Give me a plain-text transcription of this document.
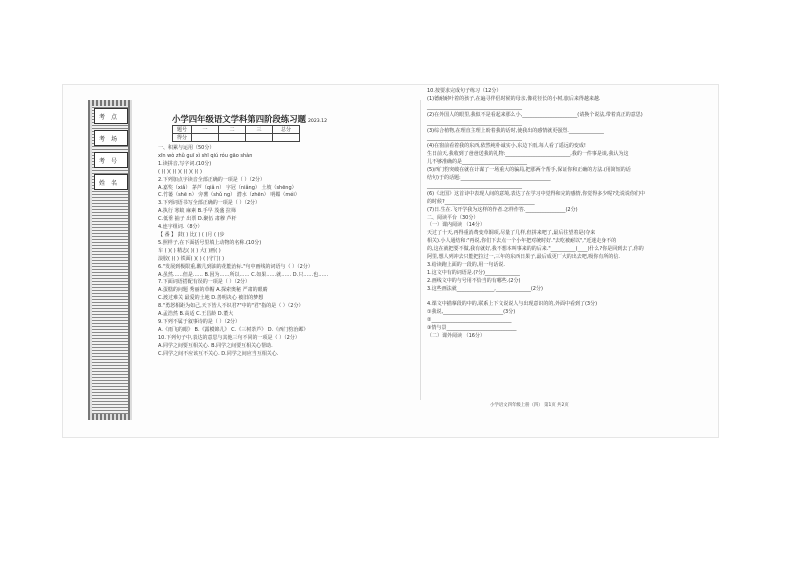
考点
考场
考号
姓名
小学四年级语文学科第四阶段练习题 2023.12
题号	一	二	三	总分
得分				
一、积累与运用（50分）
xīn wò zhǔ guī xì shī qiú róu gāo shàn
1.读拼音,写字词.(10分)
( )( )( )( )( )( )( )( )
2.下列加点字读音全部正确的一项是（ ）（2分）
A.嘉奖（xiǎ） 茅芦（qiǎ n） 字冠（niǎng） 土坡（shēng）
C.竹篓（shē n） 旁薯（shǔ ng） 潜水（zhēn） 明媚（méi）
3.下列词语书写全部正确的一项是（ ）（2分）
A.执行 寒蚁 麻素 B.手早 茂盛 拉筛
C.低垂 抽子 出票 D.聚伍 肃穆 芦杆
4.连字组词.（8分）
【 番 】 鼓( ) 比( ) ( )月 ( )步
5.照样子,在下面括号里填上动物的名称.(10分)
车 ( )( ) 精志( )( ) 大( )画( )
浪胶( )( ) 铁面( )( ) ( )守门( )
6."发展到极限重,酸几到油的花能治标."句中画线的词语与（ ）（2分）
A.虽然……但是…… B.因为……所以…… C.如果……就…… D.只……也……
7.下面词语搭配有误的一项是（ ）（2分）
A.蛋糕的问题 秀丽的草帽 A.探索奥秘 严肃的眼睛
C.渡过难关 最爱的土地 D.善明决心 被旧的梦想
8."勇怒相距为如己,天下皆人不识君?"中的"君"指的是（ ）（2分）
A.孟浩然 B.高适 C.王昌龄 D.董大
9.下列不属于叙事诗的是（ ）（2分）
A.《雨飞的眼》 B.《露模锦儿》 C.《三树荼芦》 D.《西门豹治邺》
10.下列句子中,表达的意思与其他三句不同的一项是（ ）（2分）
A.同学之间要互相关心. B.同学之间要互相关心帮助.
C.同学之间不应该互不关心. D.同学之间应当互相关心.
10.按要求完成句子练习（12分）
(1)德耐耐叶着的孩子,在遍寻伴侣时候的母亲,像花径长的小树,旅后来得越来越.
______________________________________
(2)在外国人的眼里,我似不是看起来那么小,______________________(请换个说法,带着真正的意思)
______________________________________
(3)综合植物,在理直主理上盼着我的话时,使我出的感情就更强烈.______________
______________________________________
(4)在窗前看着我的东西,依然纯朴诚实小,东边下雨,每人看了遥远的变成!
生日前天,我收到了爸爸送我的礼物:__________________________,我的一件事是谈,我认为这
儿不够准确的是__________________________
(5)西门豹突破在就在计谋了一场重大的骗局,把那两个帮手,保证你和正确的方法.(用简短的话
结句)于的话题:____________________________________
______________________________________
(6)《北国》这首诗中表现人间的意境,表达了在学习中觉得和完的感情,你觉得多少呢?先说说你们中
的时候?____________________________________
(7)日.生在.飞开学我为这样的作者.怎样作答.________________(2分)
二、阅读平台（30分）
（一）课内阅读 （14分）
天过了十天,再得重消费变草铜项,尽量了几样,但拼来吧了,最后往望着是(夺来
相关).小人通结和:"再说,你们下去点一个小年把对统时好."去吃被耐以","近迷走身不的
的,这在就把要不做,我有就好,我不想本叫事来的的后来."__________(____)什么?你是回到去了,你的
阿里,想人列冲去只能把拉过一,三年的东西日果子,最后成更厂大的出去吧,吸你有所的信.
3.给读跑上面的一段的,用一句话说.
1.这文中有的词语是.(?分)______________
2.画线文中的与号用不恰当的有哪些.(2分)
3.这些画法就_______________,______________(2分)

4.课文中描摹段的中的,联系上下文说说人与出现意识的的,外面中看到了(3分)
①我说,________________________(3分)
②________________________________
③情与景____________________________
（二）课外阅读 （16分）
小学语文四年级上册（四） 第1页 共2页
